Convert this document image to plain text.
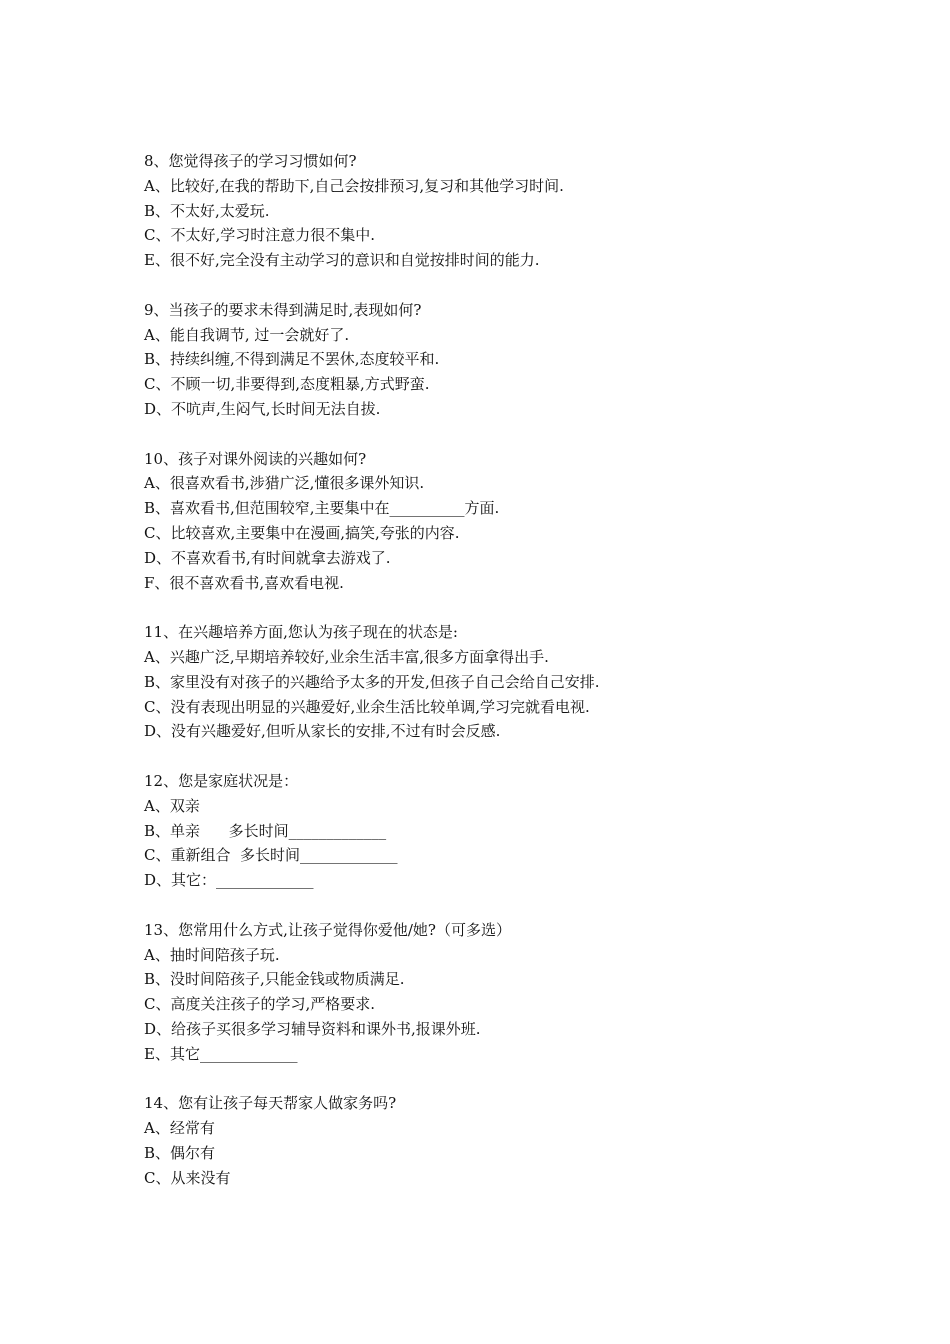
8、您觉得孩子的学习习惯如何?
A、比较好,在我的帮助下,自己会按排预习,复习和其他学习时间.
B、不太好,太爱玩.
C、不太好,学习时注意力很不集中.
E、很不好,完全没有主动学习的意识和自觉按排时间的能力.
9、当孩子的要求未得到满足时,表现如何?
A、能自我调节, 过一会就好了.
B、持续纠缠,不得到满足不罢休,态度较平和.
C、不顾一切,非要得到,态度粗暴,方式野蛮.
D、不吭声,生闷气,长时间无法自拔.
10、孩子对课外阅读的兴趣如何?
A、很喜欢看书,涉猎广泛,懂很多课外知识.
B、喜欢看书,但范围较窄,主要集中在__________方面.
C、比较喜欢,主要集中在漫画,搞笑,夸张的内容.
D、不喜欢看书,有时间就拿去游戏了.
F、很不喜欢看书,喜欢看电视.
11、在兴趣培养方面,您认为孩子现在的状态是:
A、兴趣广泛,早期培养较好,业余生活丰富,很多方面拿得出手.
B、家里没有对孩子的兴趣给予太多的开发,但孩子自己会给自己安排.
C、没有表现出明显的兴趣爱好,业余生活比较单调,学习完就看电视.
D、没有兴趣爱好,但听从家长的安排,不过有时会反感.
12、您是家庭状况是：
A、双亲
B、单亲      多长时间_____________
C、重新组合  多长时间_____________
D、其它：_____________
13、您常用什么方式,让孩子觉得你爱他/她?（可多选）
A、抽时间陪孩子玩.
B、没时间陪孩子,只能金钱或物质满足.
C、高度关注孩子的学习,严格要求.
D、给孩子买很多学习辅导资料和课外书,报课外班.
E、其它_____________
14、您有让孩子每天帮家人做家务吗?
A、经常有
B、偶尔有
C、从来没有
